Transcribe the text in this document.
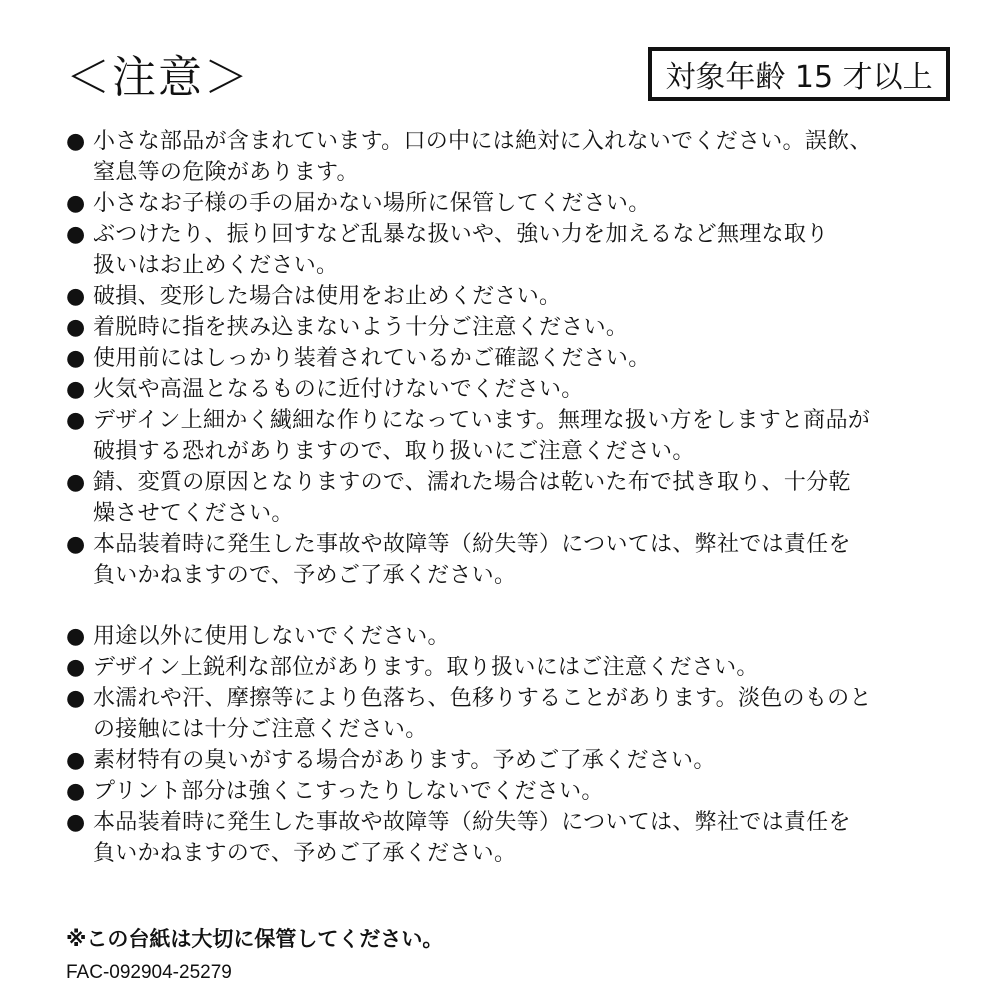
＜注意＞	対象年齢 15 才以上
● 小さな部品が含まれています。口の中には絶対に入れないでください。誤飲、
窒息等の危険があります。
● 小さなお子様の手の届かない場所に保管してください。
● ぶつけたり、振り回すなど乱暴な扱いや、強い力を加えるなど無理な取り
扱いはお止めください。
● 破損、変形した場合は使用をお止めください。
● 着脱時に指を挟み込まないよう十分ご注意ください。
● 使用前にはしっかり装着されているかご確認ください。
● 火気や高温となるものに近付けないでください。
● デザイン上細かく繊細な作りになっています。無理な扱い方をしますと商品が
破損する恐れがありますので、取り扱いにご注意ください。
● 錆、変質の原因となりますので、濡れた場合は乾いた布で拭き取り、十分乾
燥させてください。
● 本品装着時に発生した事故や故障等（紛失等）については、弊社では責任を
負いかねますので、予めご了承ください。
● 用途以外に使用しないでください。
● デザイン上鋭利な部位があります。取り扱いにはご注意ください。
● 水濡れや汗、摩擦等により色落ち、色移りすることがあります。淡色のものと
の接触には十分ご注意ください。
● 素材特有の臭いがする場合があります。予めご了承ください。
● プリント部分は強くこすったりしないでください。
● 本品装着時に発生した事故や故障等（紛失等）については、弊社では責任を
負いかねますので、予めご了承ください。
※この台紙は大切に保管してください。
FAC-092904-25279
